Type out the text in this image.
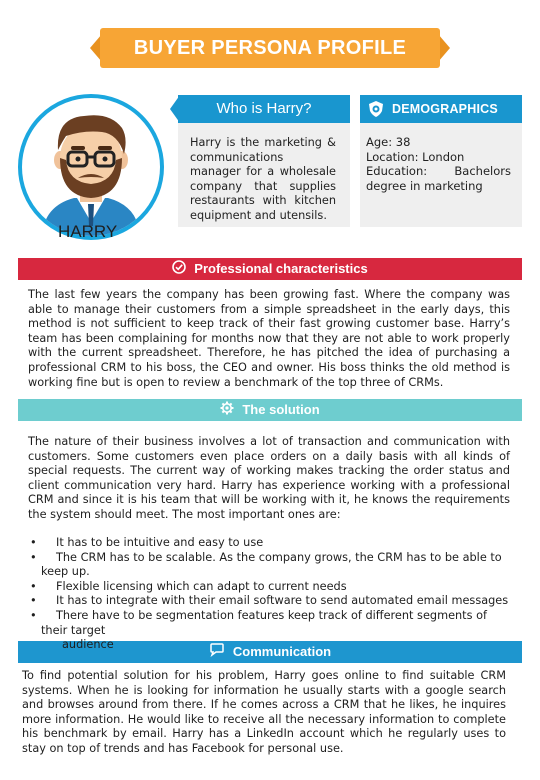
BUYER PERSONA PROFILE
HARRY
Who is Harry?
Harry is the marketing & communications manager for a wholesale company that supplies restaurants with kitchen equipment and utensils.
DEMOGRAPHICS
Age: 38
Location: London
Education: Bachelors
degree in marketing
Professional characteristics
The last few years the company has been growing fast. Where the company was able to manage their customers from a simple spreadsheet in the early days, this method is not sufficient to keep track of their fast growing customer base. Harry’s team has been complaining for months now that they are not able to work properly with the current spreadsheet. Therefore, he has pitched the idea of purchasing a professional CRM to his boss, the CEO and owner. His boss thinks the old method is working fine but is open to review a benchmark of the top three of CRMs.
The solution
The nature of their business involves a lot of transaction and communication with customers. Some customers even place orders on a daily basis with all kinds of special requests. The current way of working makes tracking the order status and client communication very hard. Harry has experience working with a professional CRM and since it is his team that will be working with it, he knows the requirements the system should meet. The most important ones are:
• It has to be intuitive and easy to use
• The CRM has to be scalable. As the company grows, the CRM has to be able to
keep up.
• Flexible licensing which can adapt to current needs
• It has to integrate with their email software to send automated email messages
• There have to be segmentation features keep track of different segments of
their target
Communication
audience
To find potential solution for his problem, Harry goes online to find suitable CRM systems. When he is looking for information he usually starts with a google search and browses around from there. If he comes across a CRM that he likes, he inquires more information. He would like to receive all the necessary information to complete his benchmark by email. Harry has a LinkedIn account which he regularly uses to stay on top of trends and has Facebook for personal use.
